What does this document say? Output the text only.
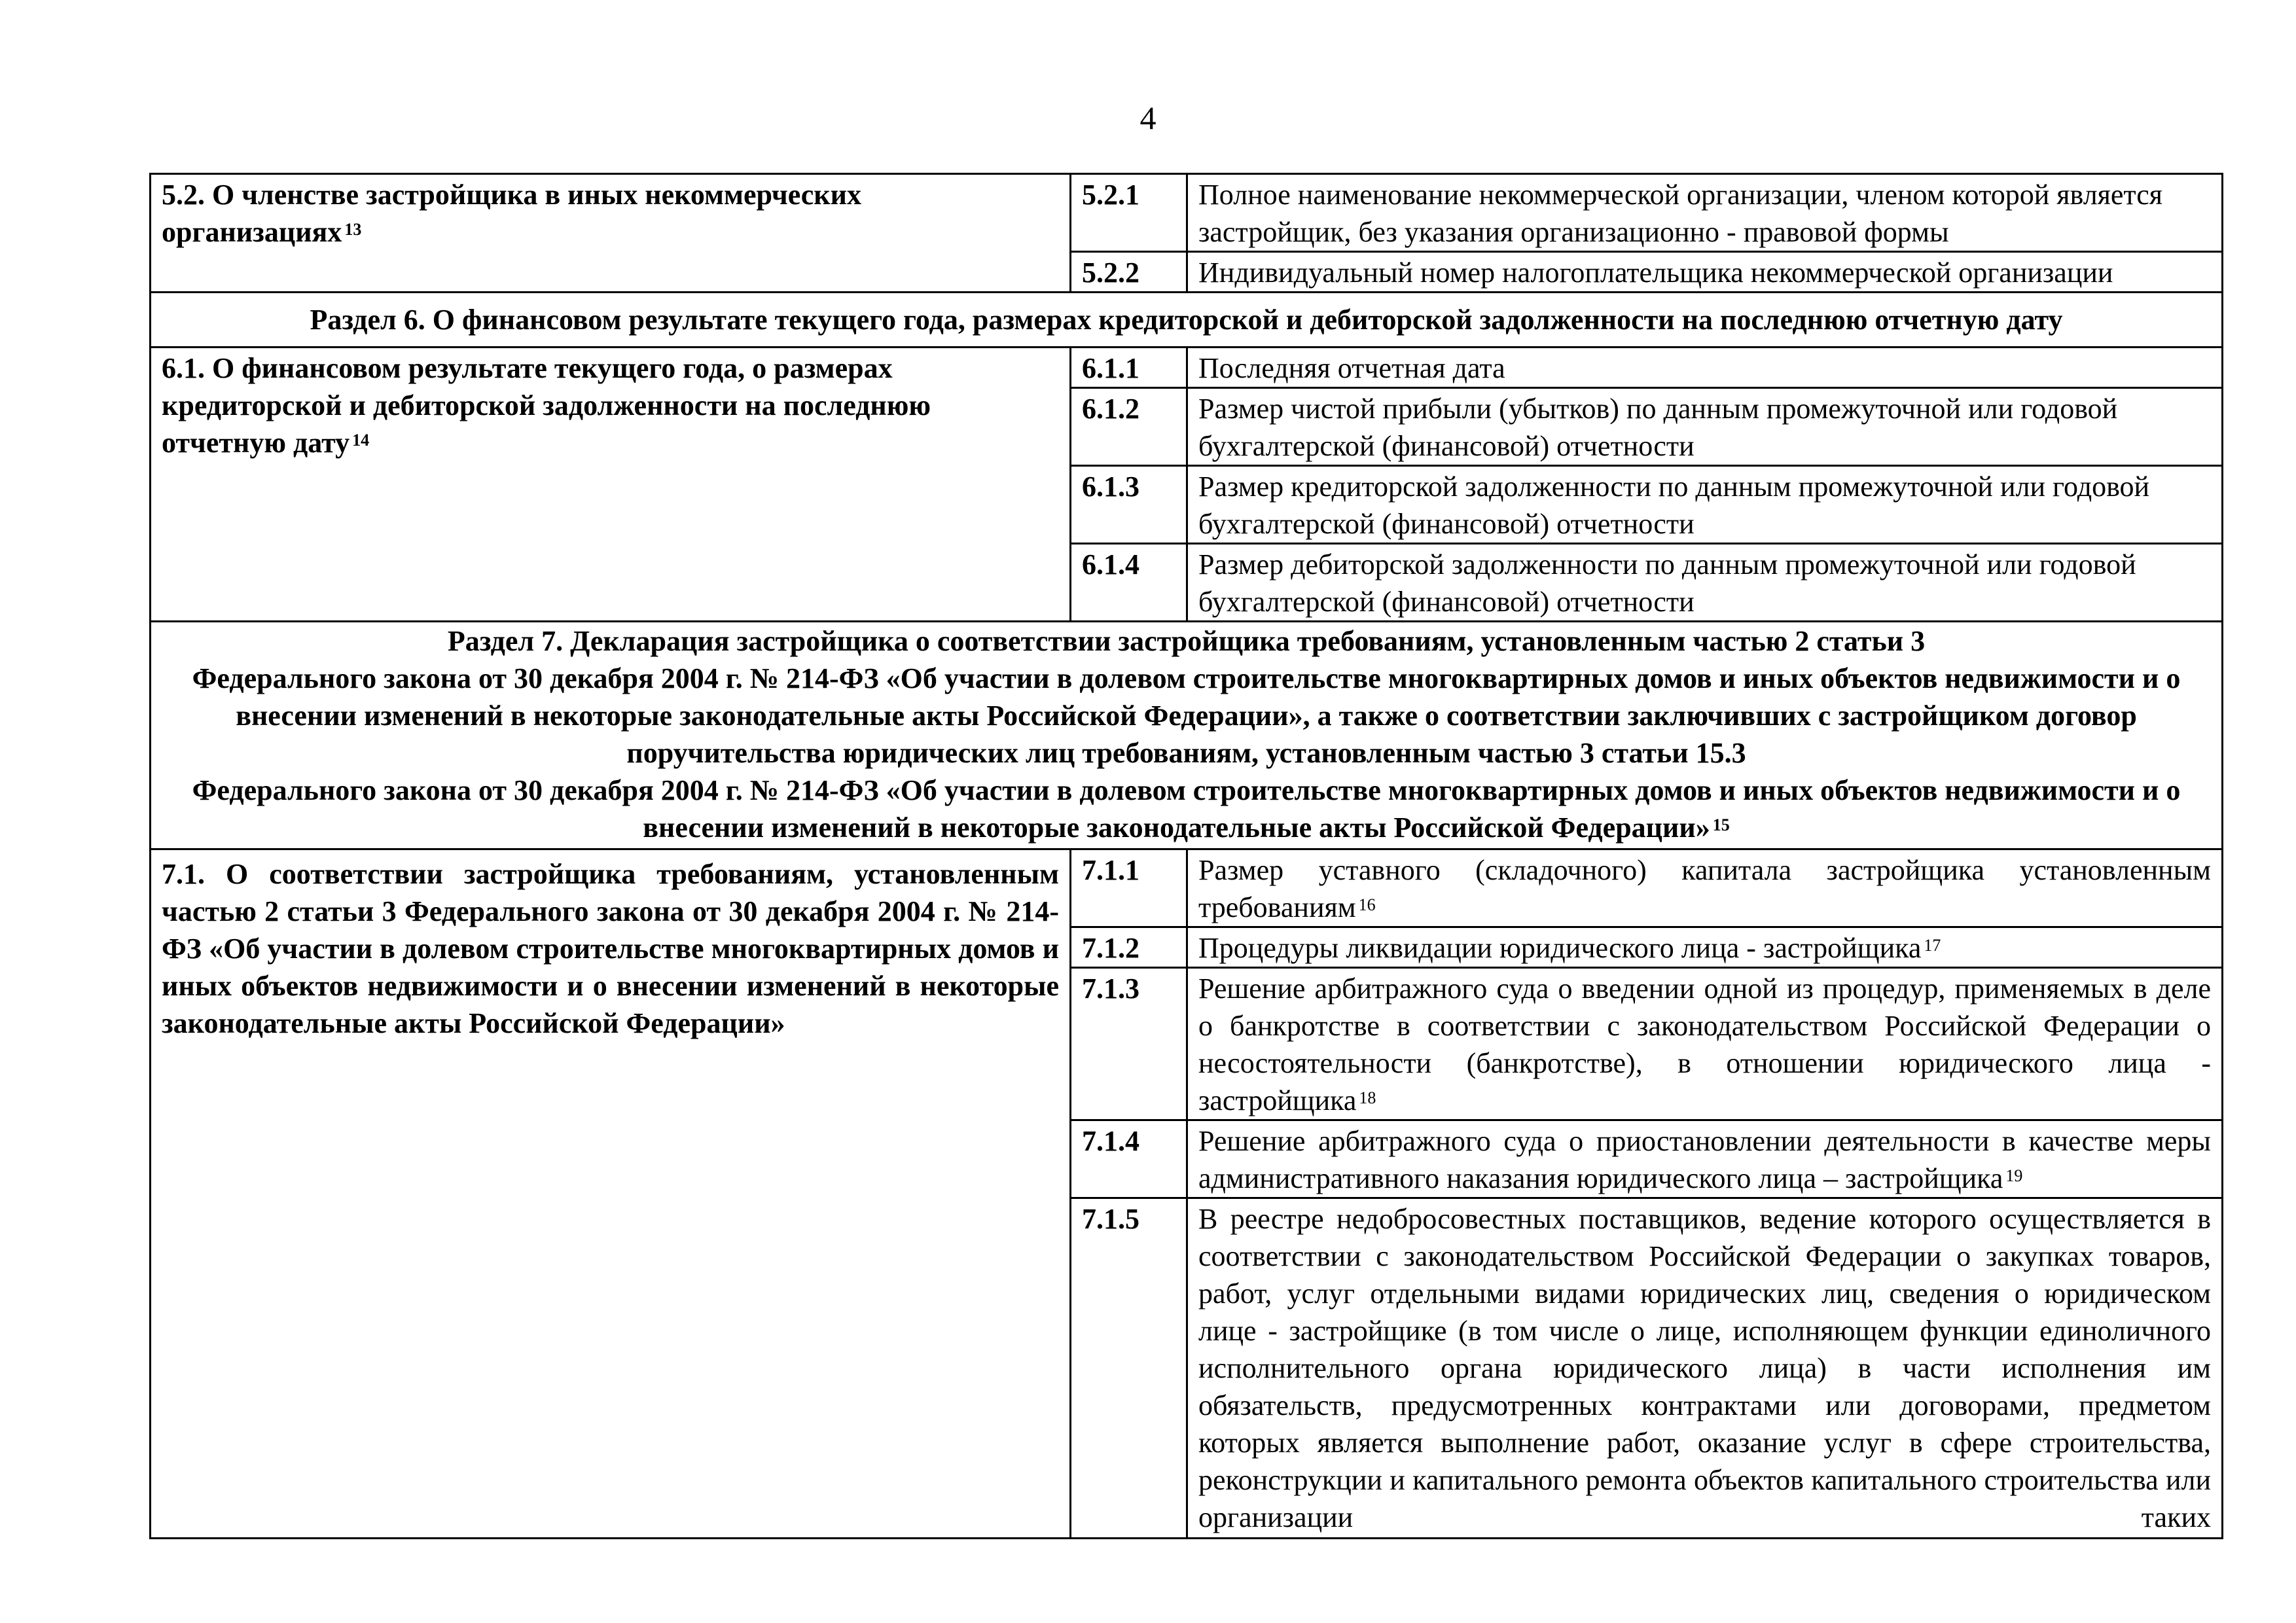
4
5.2. О членстве застройщика в иных некоммерческих организациях $^{13}$	5.2.1	Полное наименование некоммерческой организации, членом которой является застройщик, без указания организационно - правовой формы
	5.2.2	Индивидуальный номер налогоплательщика некоммерческой организации
Раздел 6. О финансовом результате текущего года, размерах кредиторской и дебиторской задолженности на последнюю отчетную дату		
6.1. О финансовом результате текущего года, о размерах кредиторской и дебиторской задолженности на последнюю отчетную дату $^{14}$	6.1.1	Последняя отчетная дата
	6.1.2	Размер чистой прибыли (убытков) по данным промежуточной или годовой бухгалтерской (финансовой) отчетности
	6.1.3	Размер кредиторской задолженности по данным промежуточной или годовой бухгалтерской (финансовой) отчетности
	6.1.4	Размер дебиторской задолженности по данным промежуточной или годовой бухгалтерской (финансовой) отчетности

Раздел 7. Декларация застройщика о соответствии застройщика требованиям, установленным частью 2 статьи 3
Федерального закона от 30 декабря 2004 г. № 214-ФЗ «Об участии в долевом строительстве многоквартирных домов и иных объектов недвижимости и о внесении изменений в некоторые законодательные акты Российской Федерации», а также о соответствии заключивших с застройщиком договор поручительства юридических лиц требованиям, установленным частью 3 статьи 15.3
Федерального закона от 30 декабря 2004 г. № 214-ФЗ «Об участии в долевом строительстве многоквартирных домов и иных объектов недвижимости и о внесении изменений в некоторые законодательные акты Российской Федерации» $^{15}$

7.1. О соответствии застройщика требованиям, установленным частью 2 статьи 3 Федерального закона от 30 декабря 2004 г. № 214-ФЗ «Об участии в долевом строительстве многоквартирных домов и иных объектов недвижимости и о внесении изменений в некоторые законодательные акты Российской Федерации»	7.1.1	Размер уставного (складочного) капитала застройщика установленным требованиям $^{16}$
	7.1.2	Процедуры ликвидации юридического лица - застройщика $^{17}$
	7.1.3	Решение арбитражного суда о введении одной из процедур, применяемых в деле о банкротстве в соответствии с законодательством Российской Федерации о несостоятельности (банкротстве), в отношении юридического лица - застройщика $^{18}$
	7.1.4	Решение арбитражного суда о приостановлении деятельности в качестве меры административного наказания юридического лица – застройщика $^{19}$
	7.1.5	В реестре недобросовестных поставщиков, ведение которого осуществляется в соответствии с законодательством Российской Федерации о закупках товаров, работ, услуг отдельными видами юридических лиц, сведения о юридическом лице - застройщике (в том числе о лице, исполняющем функции единоличного исполнительного органа юридического лица) в части исполнения им обязательств, предусмотренных контрактами или договорами, предметом которых является выполнение работ, оказание услуг в сфере строительства, реконструкции и капитального ремонта объектов капитального строительства или организации таких
